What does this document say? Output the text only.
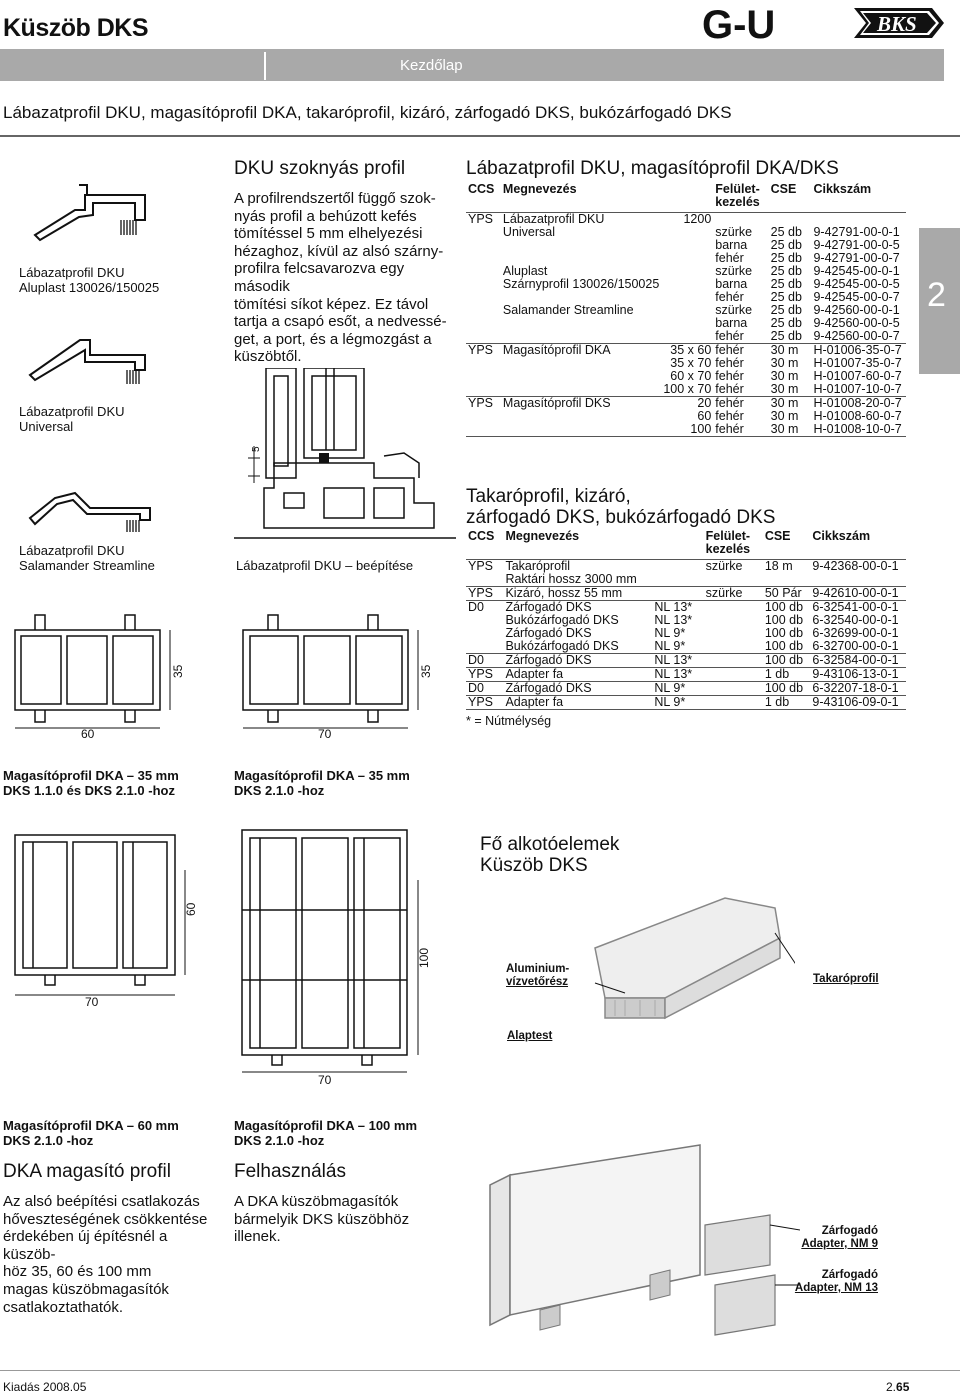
Küszöb DKS	G-U	BKS
Kezdőlap
Lábazatprofil DKU, magasítóprofil DKA, takaróprofil, kizáró, zárfogadó DKS, bukózárfogadó DKS
2
Lábazatprofil DKU
Aluplast 130026/150025
Lábazatprofil DKU
Universal
Lábazatprofil DKU
Salamander Streamline
DKU szoknyás profil
A profilrendszertől függő szok-
nyás profil a behúzott kefés
tömítéssel 5 mm elhelyezési
hézaghoz, kívül az alsó szárny-
profilra felcsavarozva egy második
tömítési síkot képez. Ez távol
tartja a csapó esőt, a nedvessé-
get, a port, és a légmozgást a
küszöbtől.
5
Lábazatprofil DKU – beépítése
35
60
Magasítóprofil DKA – 35 mm
DKS 1.1.0 és DKS 2.1.0 -hoz
35
70
Magasítóprofil DKA – 35 mm
DKS 2.1.0 -hoz
60
70
Magasítóprofil DKA – 60 mm
DKS 2.1.0 -hoz
100
70
Magasítóprofil DKA – 100 mm
DKS 2.1.0 -hoz
Lábazatprofil DKU, magasítóprofil DKA/DKS
CCS	Megnevezés		Felület-
kezelés	CSE	Cikkszám
YPS	Lábazatprofil DKU	1200			
	Universal		szürke	25 db	9-42791-00-0-1
			barna	25 db	9-42791-00-0-5
			fehér	25 db	9-42791-00-0-7
	Aluplast		szürke	25 db	9-42545-00-0-1
	Szárnyprofil 130026/150025		barna	25 db	9-42545-00-0-5
			fehér	25 db	9-42545-00-0-7
	Salamander Streamline		szürke	25 db	9-42560-00-0-1
			barna	25 db	9-42560-00-0-5
			fehér	25 db	9-42560-00-0-7
YPS	Magasítóprofil DKA	35 x 60	fehér	30 m	H-01006-35-0-7
		35 x 70	fehér	30 m	H-01007-35-0-7
		60 x 70	fehér	30 m	H-01007-60-0-7
		100 x 70	fehér	30 m	H-01007-10-0-7
YPS	Magasítóprofil DKS	20	fehér	30 m	H-01008-20-0-7
		60	fehér	30 m	H-01008-60-0-7
		100	fehér	30 m	H-01008-10-0-7
Takaróprofil, kizáró,
zárfogadó DKS, bukózárfogadó DKS
CCS	Megnevezés		Felület-
kezelés	CSE	Cikkszám
YPS	Takaróprofil		szürke	18 m	9-42368-00-0-1
	Raktári hossz 3000 mm				
YPS	Kizáró, hossz 55 mm		szürke	50 Pár	9-42610-00-0-1
D0	Zárfogadó DKS	NL 13*		100 db	6-32541-00-0-1
	Bukózárfogadó DKS	NL 13*		100 db	6-32540-00-0-1
	Zárfogadó DKS	NL 9*		100 db	6-32699-00-0-1
	Bukózárfogadó DKS	NL 9*		100 db	6-32700-00-0-1
D0	Zárfogadó DKS	NL 13*		100 db	6-32584-00-0-1
YPS	Adapter fa	NL 13*		1 db	9-43106-13-0-1
D0	Zárfogadó DKS	NL 9*		100 db	6-32207-18-0-1
YPS	Adapter fa	NL 9*		1 db	9-43106-09-0-1
* = Nútmélység
Fő alkotóelemek
Küszöb DKS
Aluminium-
vízvetőrész	Takaróprofil
Alaptest
DKA magasító profil
Az alsó beépítési csatlakozás
hőveszteségének csökkentése
érdekében új építésnél a küszöb-
höz 35, 60 és 100 mm
magas küszöbmagasítók
csatlakoztathatók.
Felhasználás
A DKA küszöbmagasítók
bármelyik DKS küszöbhöz
illenek.	Zárfogadó
Adapter, NM 9
Zárfogadó
Adapter, NM 13
Kiadás 2008.05	2.65
